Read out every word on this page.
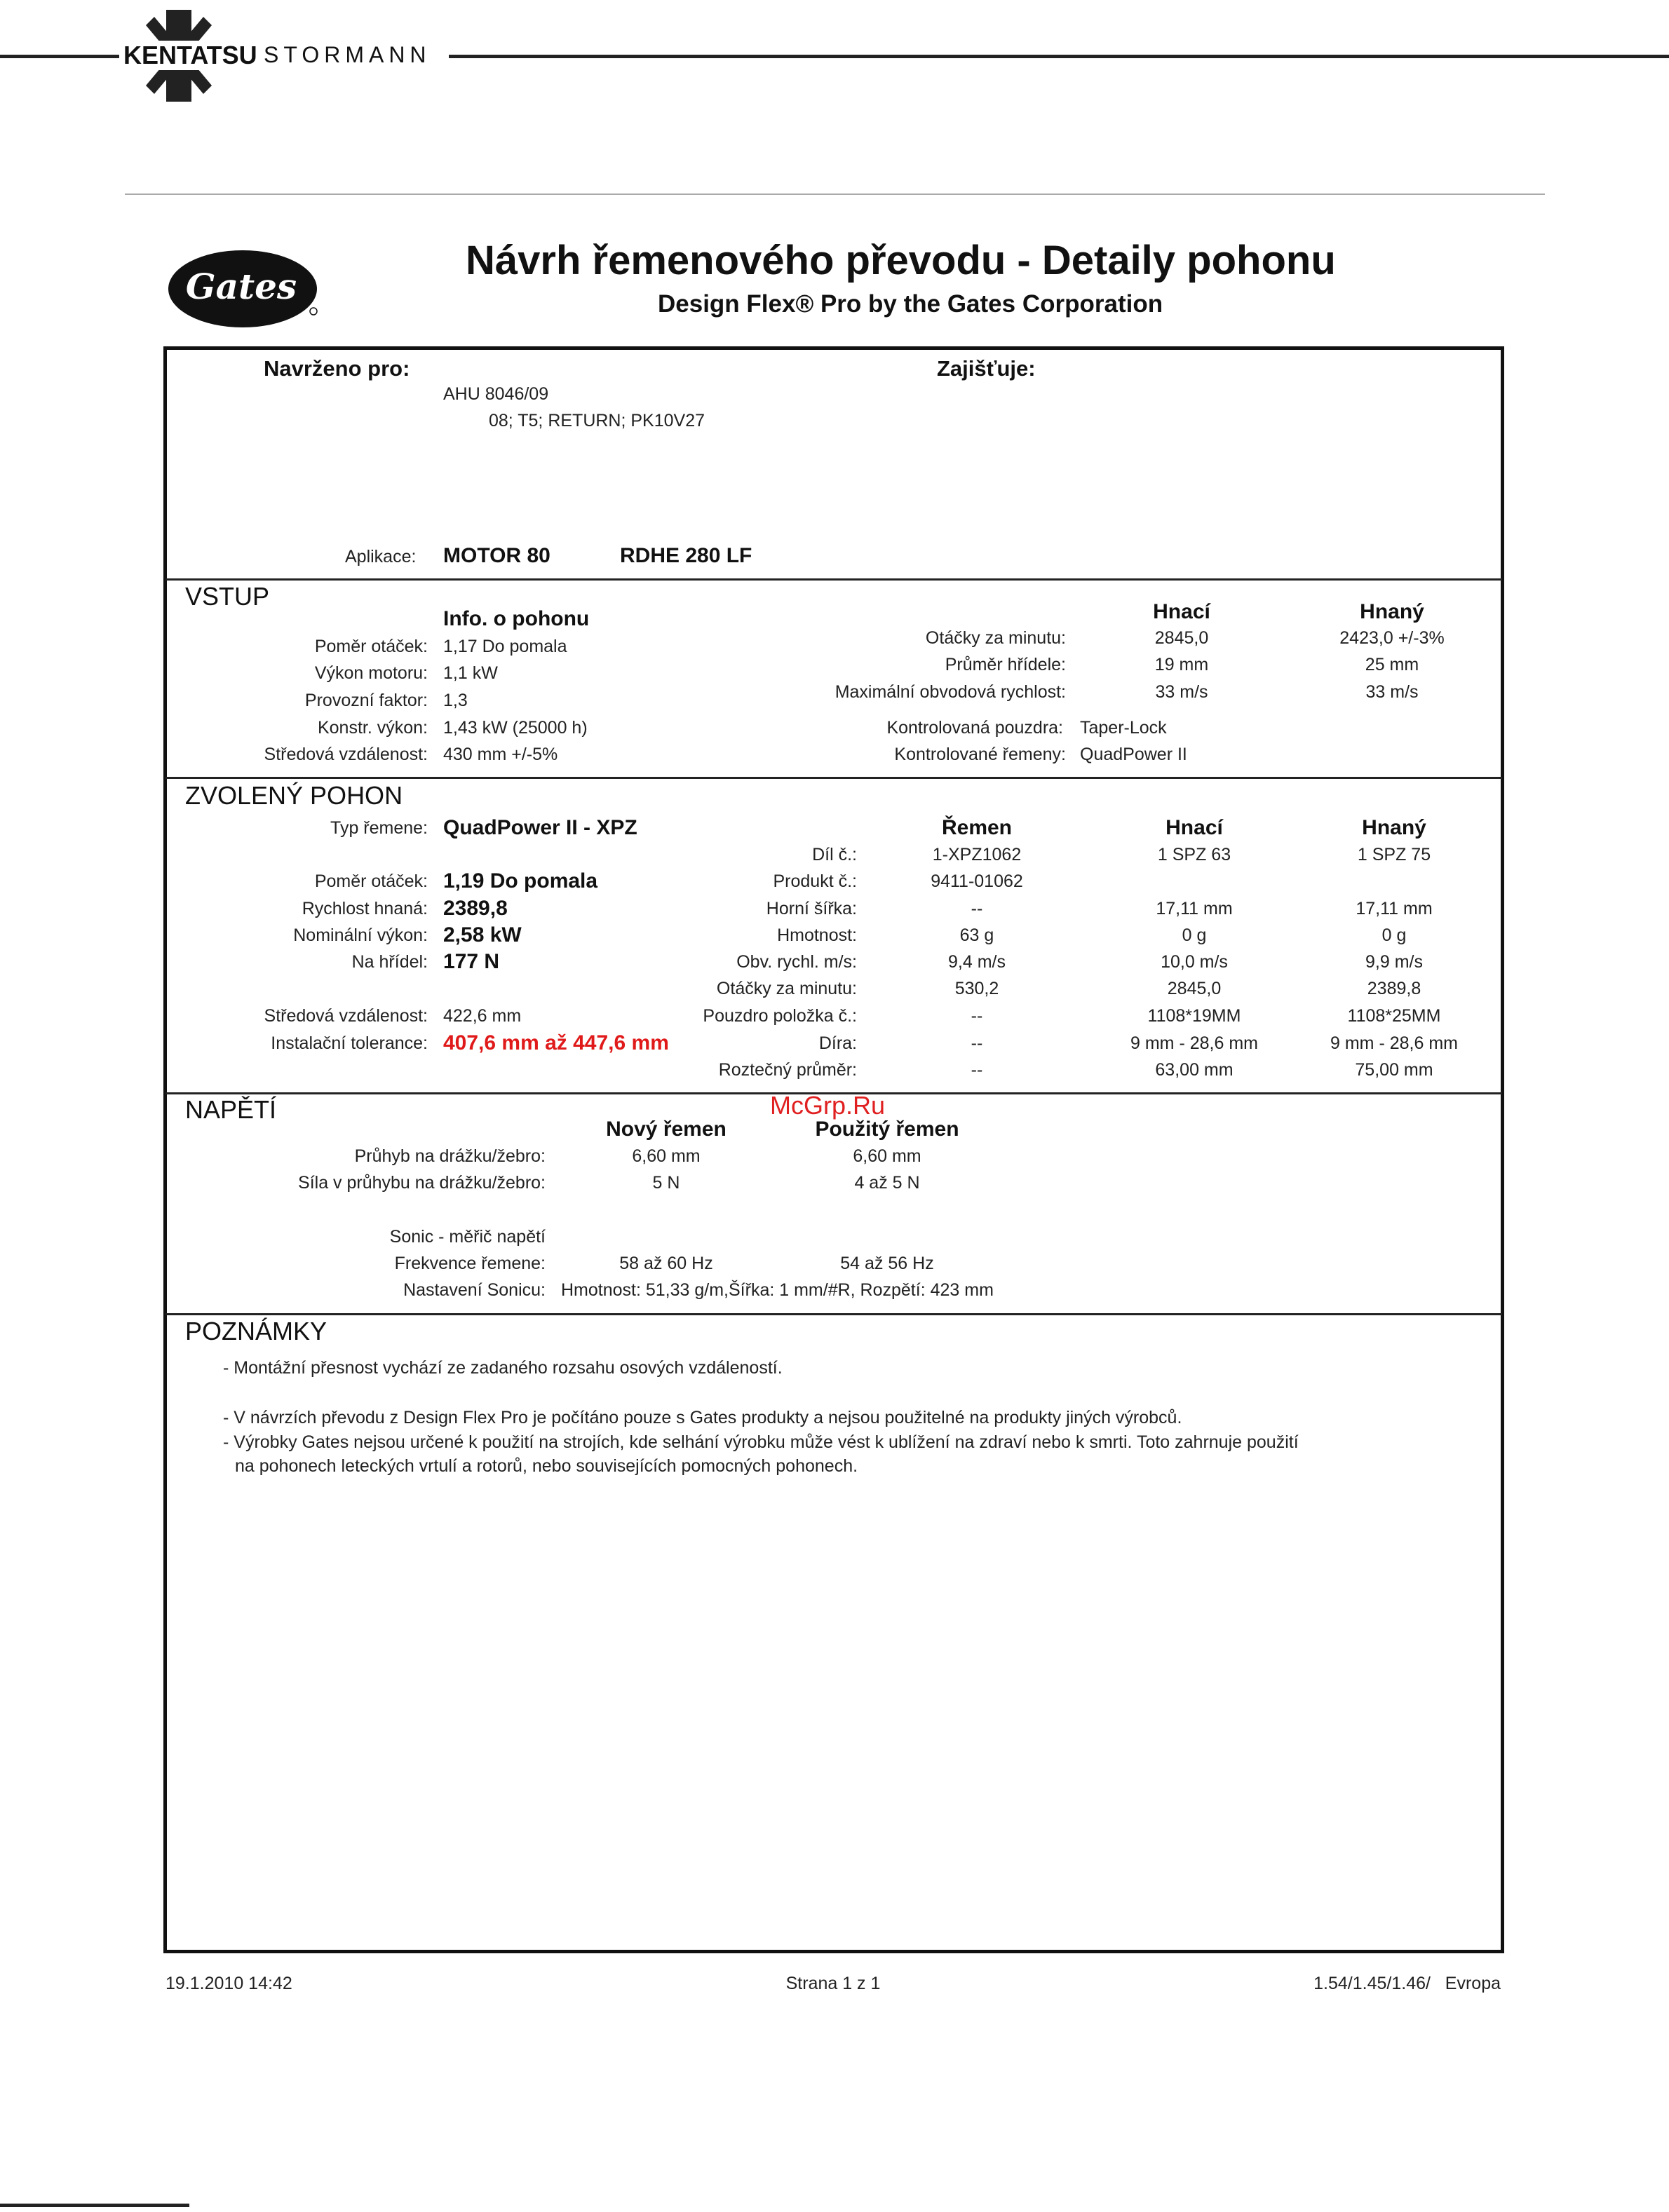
KENTATSU STORMANN
Gates
Návrh řemenového převodu - Detaily pohonu
Design Flex® Pro by the Gates Corporation
Navrženo pro:
AHU 8046/09
08; T5; RETURN; PK10V27
Zajišťuje:
Aplikace: MOTOR 80	RDHE 280 LF
VSTUP
Info. o pohonu	Hnací	Hnaný
Poměr otáček: 1,17 Do pomala
Výkon motoru: 1,1 kW
Provozní faktor: 1,3
Konstr. výkon: 1,43 kW (25000 h)
Středová vzdálenost: 430 mm +/-5%
Otáčky za minutu:	2845,0	2423,0 +/-3%
Průměr hřídele:	19 mm	25 mm
Maximální obvodová rychlost:	33 m/s	33 m/s
Kontrolovaná pouzdra: Taper-Lock
Kontrolované řemeny: QuadPower II
ZVOLENÝ POHON
Typ řemene: QuadPower II - XPZ
Poměr otáček: 1,19 Do pomala
Rychlost hnaná: 2389,8
Nominální výkon: 2,58 kW
Na hřídel: 177 N
Středová vzdálenost: 422,6 mm
Instalační tolerance: 407,6 mm až 447,6 mm
Řemen	Hnací	Hnaný
Díl č.:	1-XPZ1062	1 SPZ 63	1 SPZ 75
Produkt č.:	9411-01062
Horní šířka:	--	17,11 mm	17,11 mm
Hmotnost:	63 g	0 g	0 g
Obv. rychl. m/s:	9,4 m/s	10,0 m/s	9,9 m/s
Otáčky za minutu:	530,2	2845,0	2389,8
Pouzdro položka č.:	--	1108*19MM	1108*25MM
Díra:	--	9 mm - 28,6 mm	9 mm - 28,6 mm
Roztečný průměr:	--	63,00 mm	75,00 mm
McGrp.Ru
NAPĚTÍ
Nový řemen	Použitý řemen
Průhyb na drážku/žebro:	6,60 mm	6,60 mm
Síla v průhybu na drážku/žebro:	5 N	4 až 5 N
Sonic - měřič napětí
Frekvence řemene:	58 až 60 Hz	54 až 56 Hz
Nastavení Sonicu: Hmotnost: 51,33 g/m,Šířka: 1 mm/#R, Rozpětí: 423 mm
POZNÁMKY
- Montážní přesnost vychází ze zadaného rozsahu osových vzdáleností.
- V návrzích převodu z Design Flex Pro je počítáno pouze s Gates produkty a nejsou použitelné na produkty jiných výrobců.
- Výrobky Gates nejsou určené k použití na strojích, kde selhání výrobku může vést k ublížení na zdraví nebo k smrti. Toto zahrnuje použití
na pohonech leteckých vrtulí a rotorů, nebo souvisejících pomocných pohonech.
19.1.2010 14:42	Strana 1 z 1	1.54/1.45/1.46/   Evropa
